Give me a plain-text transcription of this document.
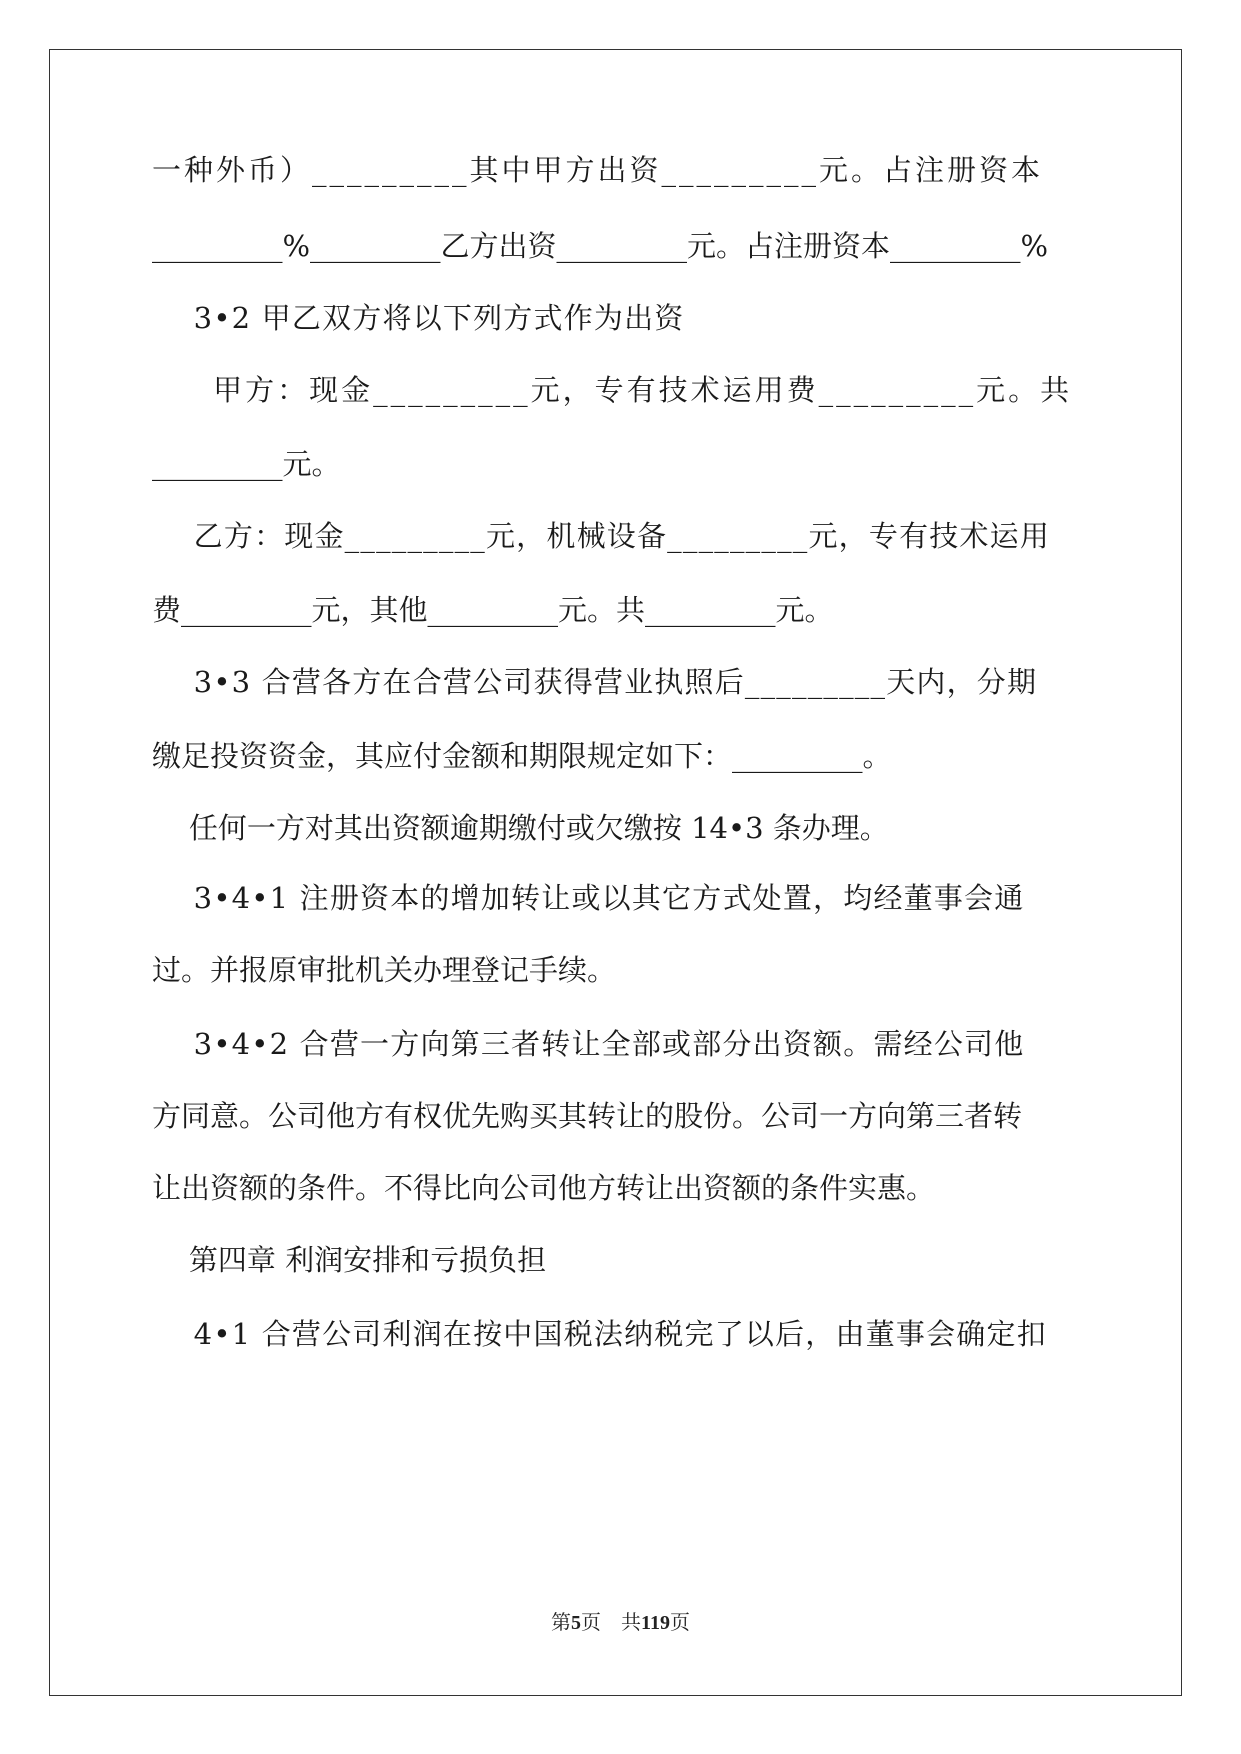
一种外币）_________其中甲方出资_________元。占注册资本

_________%_________乙方出资_________元。占注册资本_________%

3•2 甲乙双方将以下列方式作为出资

甲方：现金_________元，专有技术运用费_________元。共

_________元。

乙方：现金_________元，机械设备_________元，专有技术运用

费_________元，其他_________元。共_________元。

3•3 合营各方在合营公司获得营业执照后_________天内，分期

缴足投资资金，其应付金额和期限规定如下：_________。

任何一方对其出资额逾期缴付或欠缴按 14•3 条办理。

3•4•1 注册资本的增加转让或以其它方式处置，均经董事会通

过。并报原审批机关办理登记手续。

3•4•2 合营一方向第三者转让全部或部分出资额。需经公司他

方同意。公司他方有权优先购买其转让的股份。公司一方向第三者转

让出资额的条件。不得比向公司他方转让出资额的条件实惠。

第四章 利润安排和亏损负担

4•1 合营公司利润在按中国税法纳税完了以后，由董事会确定扣

第5页　共119页
